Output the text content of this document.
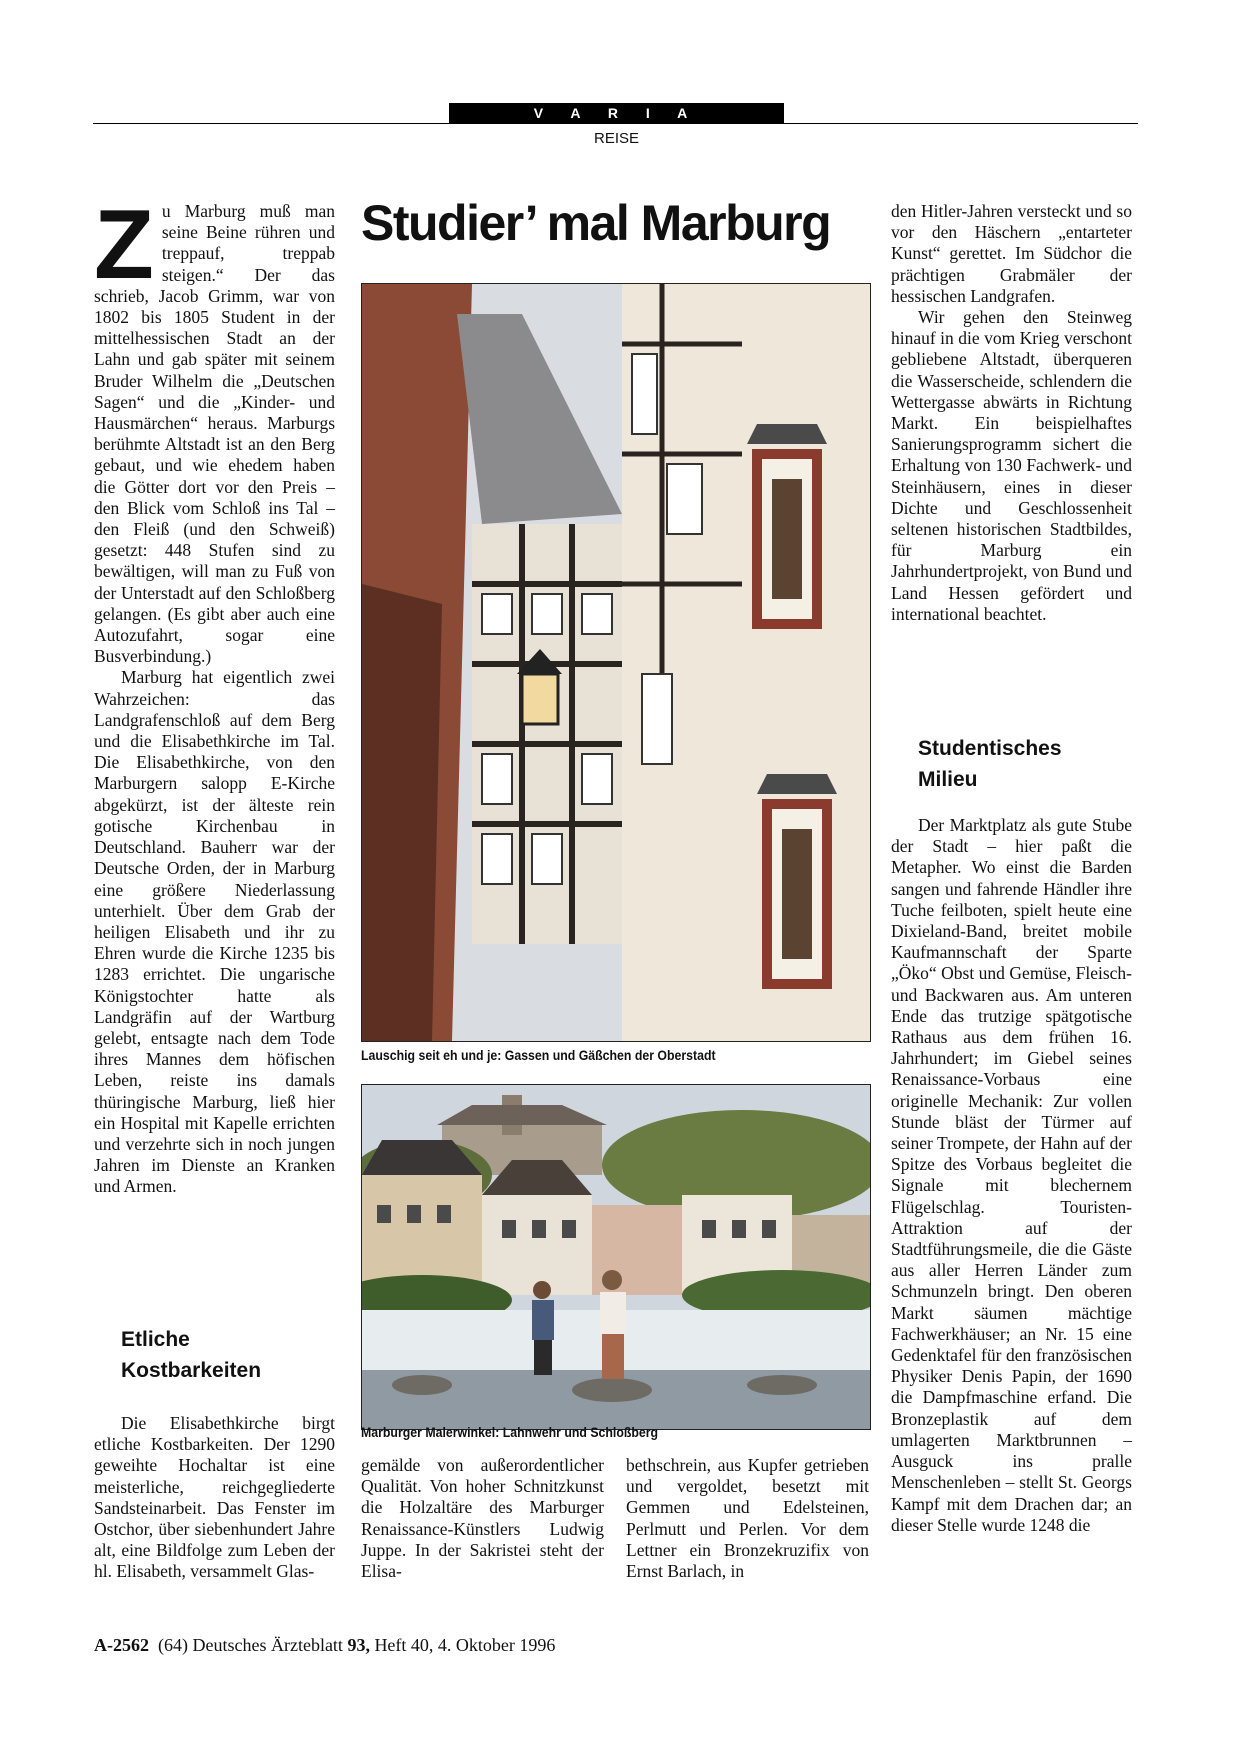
V A R I A
REISE
Z u Marburg muß man seine Beine rühren und treppauf, treppab steigen.“ Der das schrieb, Jacob Grimm, war von 1802 bis 1805 Student in der mittelhessischen Stadt an der Lahn und gab später mit seinem Bruder Wilhelm die „Deutschen Sagen“ und die „Kinder- und Hausmärchen“ heraus. Marburgs berühmte Altstadt ist an den Berg gebaut, und wie ehedem haben die Götter dort vor den Preis – den Blick vom Schloß ins Tal – den Fleiß (und den Schweiß) gesetzt: 448 Stufen sind zu bewältigen, will man zu Fuß von der Unterstadt auf den Schloßberg gelangen. (Es gibt aber auch eine Autozufahrt, sogar eine Busverbindung.)

Marburg hat eigentlich zwei Wahrzeichen: das Landgrafenschloß auf dem Berg und die Elisabethkirche im Tal. Die Elisabethkirche, von den Marburgern salopp E-Kirche abgekürzt, ist der älteste rein gotische Kirchenbau in Deutschland. Bauherr war der Deutsche Orden, der in Marburg eine größere Niederlassung unterhielt. Über dem Grab der heiligen Elisabeth und ihr zu Ehren wurde die Kirche 1235 bis 1283 errichtet. Die ungarische Königstochter hatte als Landgräfin auf der Wartburg gelebt, entsagte nach dem Tode ihres Mannes dem höfischen Leben, reiste ins damals thüringische Marburg, ließ hier ein Hospital mit Kapelle errichten und verzehrte sich in noch jungen Jahren im Dienste an Kranken und Armen.

Etliche Kostbarkeiten

Die Elisabethkirche birgt etliche Kostbarkeiten. Der 1290 geweihte Hochaltar ist eine meisterliche, reichgegliederte Sandsteinarbeit. Das Fenster im Ostchor, über siebenhundert Jahre alt, eine Bildfolge zum Leben der hl. Elisabeth, versammelt Glas-

Studier’ mal Marburg
Lauschig seit eh und je: Gassen und Gäßchen der Oberstadt
Marburger Malerwinkel: Lahnwehr und Schloßberg

gemälde von außerordentlicher Qualität. Von hoher Schnitzkunst die Holzaltäre des Marburger Renaissance-Künstlers Ludwig Juppe. In der Sakristei steht der Elisa-

bethschrein, aus Kupfer getrieben und vergoldet, besetzt mit Gemmen und Edelsteinen, Perlmutt und Perlen. Vor dem Lettner ein Bronzekruzifix von Ernst Barlach, in

den Hitler-Jahren versteckt und so vor den Häschern „entarteter Kunst“ gerettet. Im Südchor die prächtigen Grabmäler der hessischen Landgrafen.

Wir gehen den Steinweg hinauf in die vom Krieg verschont gebliebene Altstadt, überqueren die Wasserscheide, schlendern die Wettergasse abwärts in Richtung Markt. Ein beispielhaftes Sanierungsprogramm sichert die Erhaltung von 130 Fachwerk- und Steinhäusern, eines in dieser Dichte und Geschlossenheit seltenen historischen Stadtbildes, für Marburg ein Jahrhundertprojekt, von Bund und Land Hessen gefördert und international beachtet.

Studentisches Milieu

Der Marktplatz als gute Stube der Stadt – hier paßt die Metapher. Wo einst die Barden sangen und fahrende Händler ihre Tuche feilboten, spielt heute eine Dixieland-Band, breitet mobile Kaufmannschaft der Sparte „Öko“ Obst und Gemüse, Fleisch- und Backwaren aus. Am unteren Ende das trutzige spätgotische Rathaus aus dem frühen 16. Jahrhundert; im Giebel seines Renaissance-Vorbaus eine originelle Mechanik: Zur vollen Stunde bläst der Türmer auf seiner Trompete, der Hahn auf der Spitze des Vorbaus begleitet die Signale mit blechernem Flügelschlag. Touristen-Attraktion auf der Stadtführungsmeile, die die Gäste aus aller Herren Länder zum Schmunzeln bringt. Den oberen Markt säumen mächtige Fachwerkhäuser; an Nr. 15 eine Gedenktafel für den französischen Physiker Denis Papin, der 1690 die Dampfmaschine erfand. Die Bronzeplastik auf dem umlagerten Marktbrunnen – Ausguck ins pralle Menschenleben – stellt St. Georgs Kampf mit dem Drachen dar; an dieser Stelle wurde 1248 die

A-2562 (64) Deutsches Ärzteblatt 93, Heft 40, 4. Oktober 1996
